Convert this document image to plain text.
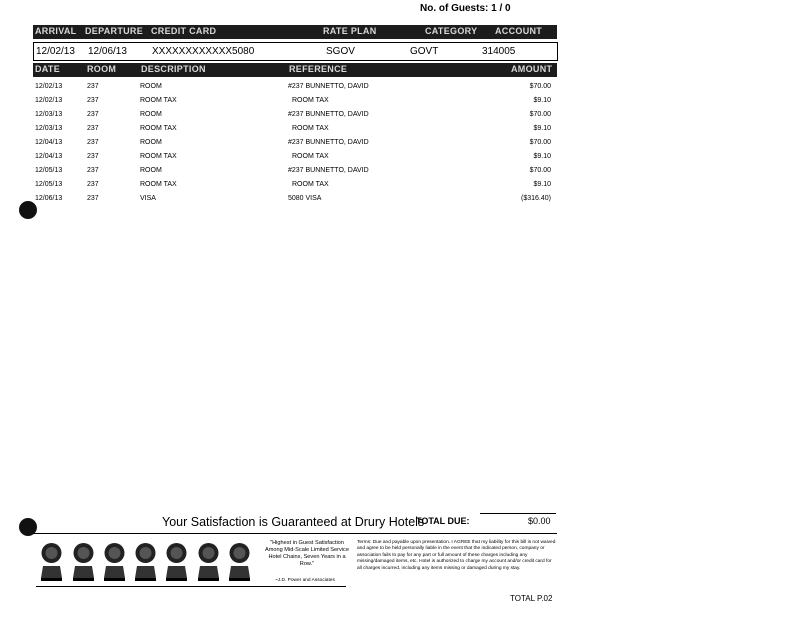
No. of Guests: 1 / 0
ARRIVAL DEPARTURE CREDIT CARD	RATE PLAN	CATEGORY ACCOUNT
12/02/13 12/06/13	XXXXXXXXXXXX5080	SGOV	GOVT	314005
DATE	ROOM	DESCRIPTION	REFERENCE	AMOUNT
12/02/13	237	ROOM	#237 BUNNETTO, DAVID	$70.00
12/02/13	237	ROOM TAX	ROOM TAX	$9.10
12/03/13	237	ROOM	#237 BUNNETTO, DAVID	$70.00
12/03/13	237	ROOM TAX	ROOM TAX	$9.10
12/04/13	237	ROOM	#237 BUNNETTO, DAVID	$70.00
12/04/13	237	ROOM TAX	ROOM TAX	$9.10
12/05/13	237	ROOM	#237 BUNNETTO, DAVID	$70.00
12/05/13	237	ROOM TAX	ROOM TAX	$9.10
12/06/13	237	VISA	5080 VISA	($316.40)
Your Satisfaction is Guaranteed at Drury Hotels
TOTAL DUE:	$0.00
"Highest in Guest Satisfaction Among Mid-Scale Limited Service Hotel Chains, Seven Years in a Row."
~J.D. Power and Associates
Terms: Due and payable upon presentation. I AGREE that my liability for this bill is not waived and agree to be held personally liable in the event that the indicated person, company or association fails to pay for any part or full amount of these charges including any missing/damaged items, etc. Hotel is authorized to charge my account and/or credit card for all charges incurred, including any items missing or damaged during my stay.
TOTAL P.02
